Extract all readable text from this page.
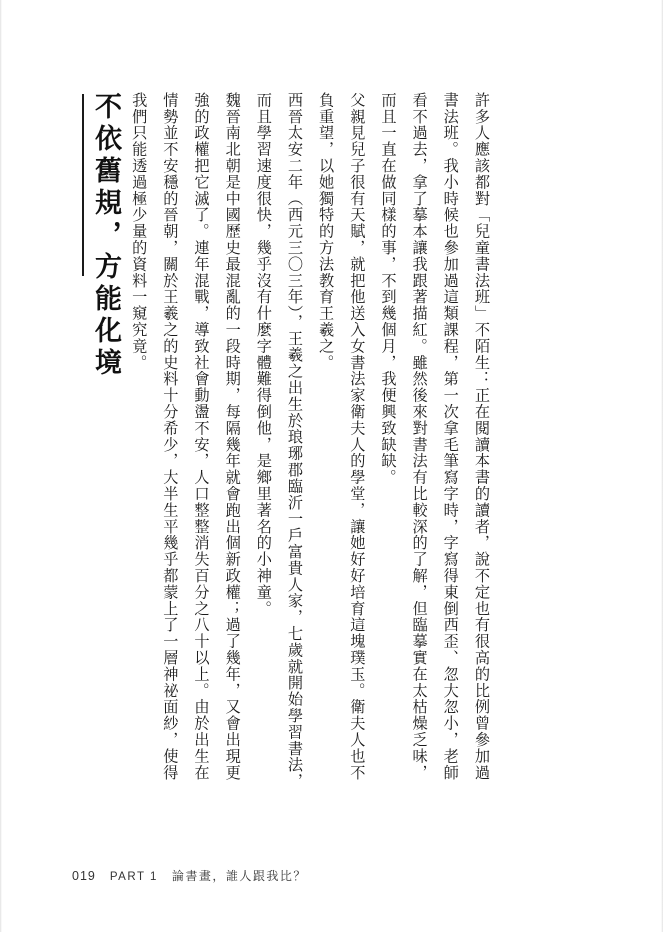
不依舊規，方能化境	魏晉南北朝是中國歷史最混亂的一段時期，每隔幾年就會跑出個新政權；過了幾年，又會出現更強的政權把它滅了。連年混戰，導致社會動盪不安，人口整整消失百分之八十以上。由於出生在情勢並不安穩的晉朝，關於王羲之的史料十分希少，大半生平幾乎都蒙上了一層神祕面紗，使得我們只能透過極少量的資料一窺究竟。	西晉太安二年（西元三〇三年），王羲之出生於琅琊郡臨沂一戶富貴人家，七歲就開始學習書法，而且學習速度很快，幾乎沒有什麼字體難得倒他，是鄉里著名的小神童。	父親見兒子很有天賦，就把他送入女書法家衛夫人的學堂，讓她好好培育這塊璞玉。衛夫人也不負重望，以她獨特的方法教育王羲之。	許多人應該都對「兒童書法班」不陌生：正在閱讀本書的讀者，說不定也有很高的比例曾參加過書法班。我小時候也參加過這類課程，第一次拿毛筆寫字時，字寫得東倒西歪、忽大忽小，老師看不過去，拿了摹本讓我跟著描紅。雖然後來對書法有比較深的了解，但臨摹實在太枯燥乏味，而且一直在做同樣的事，不到幾個月，我便興致缺缺。
019 PART 1 論書畫，誰人跟我比？
